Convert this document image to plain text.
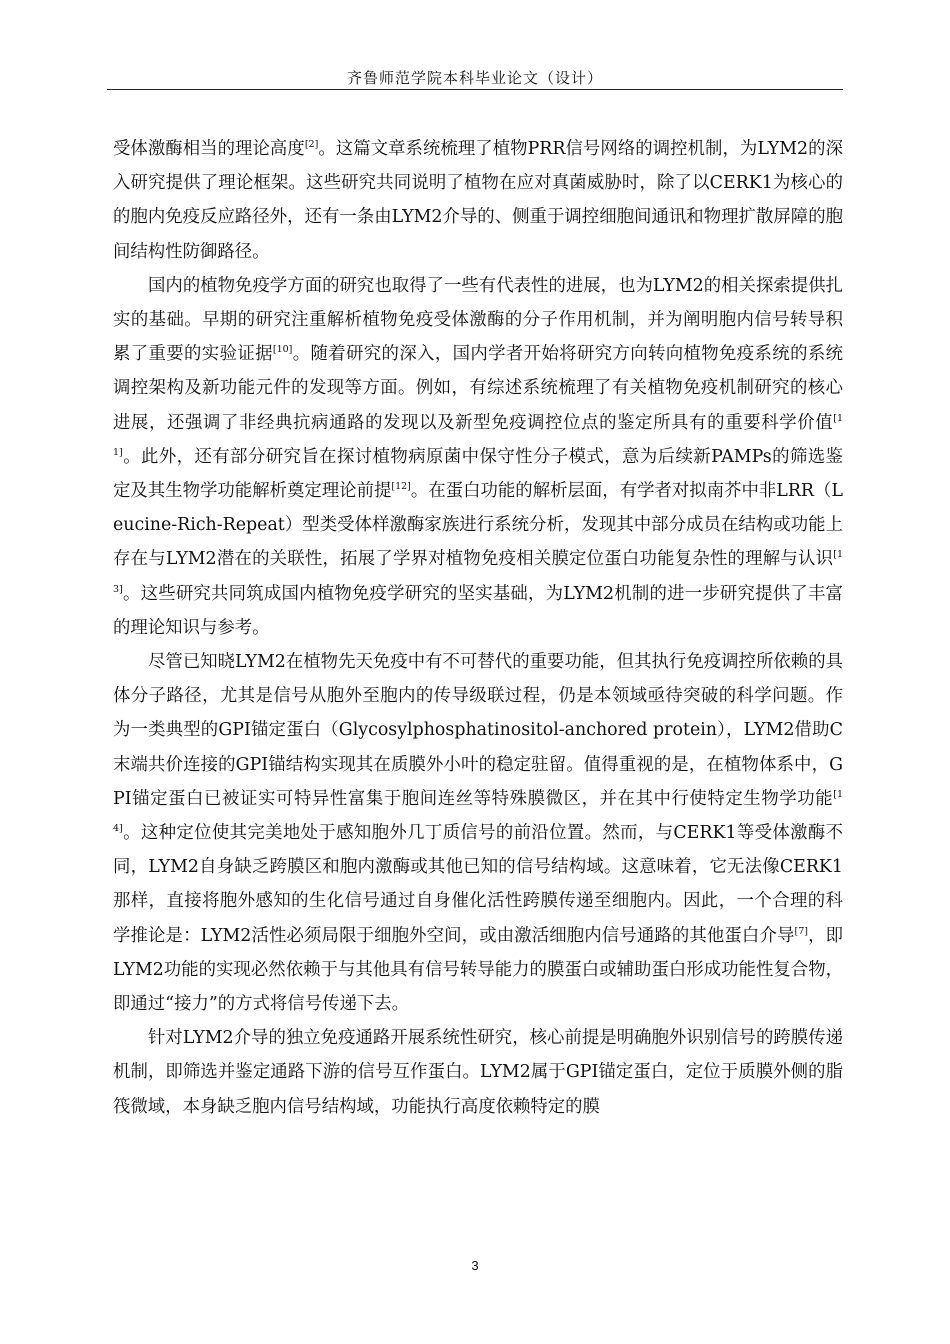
齐鲁师范学院本科毕业论文（设计）

受体激酶相当的理论高度[2]。这篇文章系统梳理了植物PRR信号网络的调控机制，为LYM2的深入研究提供了理论框架。这些研究共同说明了植物在应对真菌威胁时，除了以CERK1为核心的的胞内免疫反应路径外，还有一条由LYM2介导的、侧重于调控细胞间通讯和物理扩散屏障的胞间结构性防御路径。

国内的植物免疫学方面的研究也取得了一些有代表性的进展，也为LYM2的相关探索提供扎实的基础。早期的研究注重解析植物免疫受体激酶的分子作用机制，并为阐明胞内信号转导积累了重要的实验证据[10]。随着研究的深入，国内学者开始将研究方向转向植物免疫系统的系统调控架构及新功能元件的发现等方面。例如，有综述系统梳理了有关植物免疫机制研究的核心进展，还强调了非经典抗病通路的发现以及新型免疫调控位点的鉴定所具有的重要科学价值[11]。此外，还有部分研究旨在探讨植物病原菌中保守性分子模式，意为后续新PAMPs的筛选鉴定及其生物学功能解析奠定理论前提[12]。在蛋白功能的解析层面，有学者对拟南芥中非LRR（Leucine-Rich-Repeat）型类受体样激酶家族进行系统分析，发现其中部分成员在结构或功能上存在与LYM2潜在的关联性，拓展了学界对植物免疫相关膜定位蛋白功能复杂性的理解与认识[13]。这些研究共同筑成国内植物免疫学研究的坚实基础，为LYM2机制的进一步研究提供了丰富的理论知识与参考。

尽管已知晓LYM2在植物先天免疫中有不可替代的重要功能，但其执行免疫调控所依赖的具体分子路径，尤其是信号从胞外至胞内的传导级联过程，仍是本领域亟待突破的科学问题。作为一类典型的GPI锚定蛋白（Glycosylphosphatinositol-anchored protein），LYM2借助C末端共价连接的GPI锚结构实现其在质膜外小叶的稳定驻留。值得重视的是，在植物体系中，GPI锚定蛋白已被证实可特异性富集于胞间连丝等特殊膜微区，并在其中行使特定生物学功能[14]。这种定位使其完美地处于感知胞外几丁质信号的前沿位置。然而，与CERK1等受体激酶不同，LYM2自身缺乏跨膜区和胞内激酶或其他已知的信号结构域。这意味着，它无法像CERK1那样，直接将胞外感知的生化信号通过自身催化活性跨膜传递至细胞内。因此，一个合理的科学推论是：LYM2活性必须局限于细胞外空间，或由激活细胞内信号通路的其他蛋白介导[7]，即LYM2功能的实现必然依赖于与其他具有信号转导能力的膜蛋白或辅助蛋白形成功能性复合物，即通过“接力”的方式将信号传递下去。

针对LYM2介导的独立免疫通路开展系统性研究，核心前提是明确胞外识别信号的跨膜传递机制，即筛选并鉴定通路下游的信号互作蛋白。LYM2属于GPI锚定蛋白，定位于质膜外侧的脂筏微域，本身缺乏胞内信号结构域，功能执行高度依赖特定的膜

3
